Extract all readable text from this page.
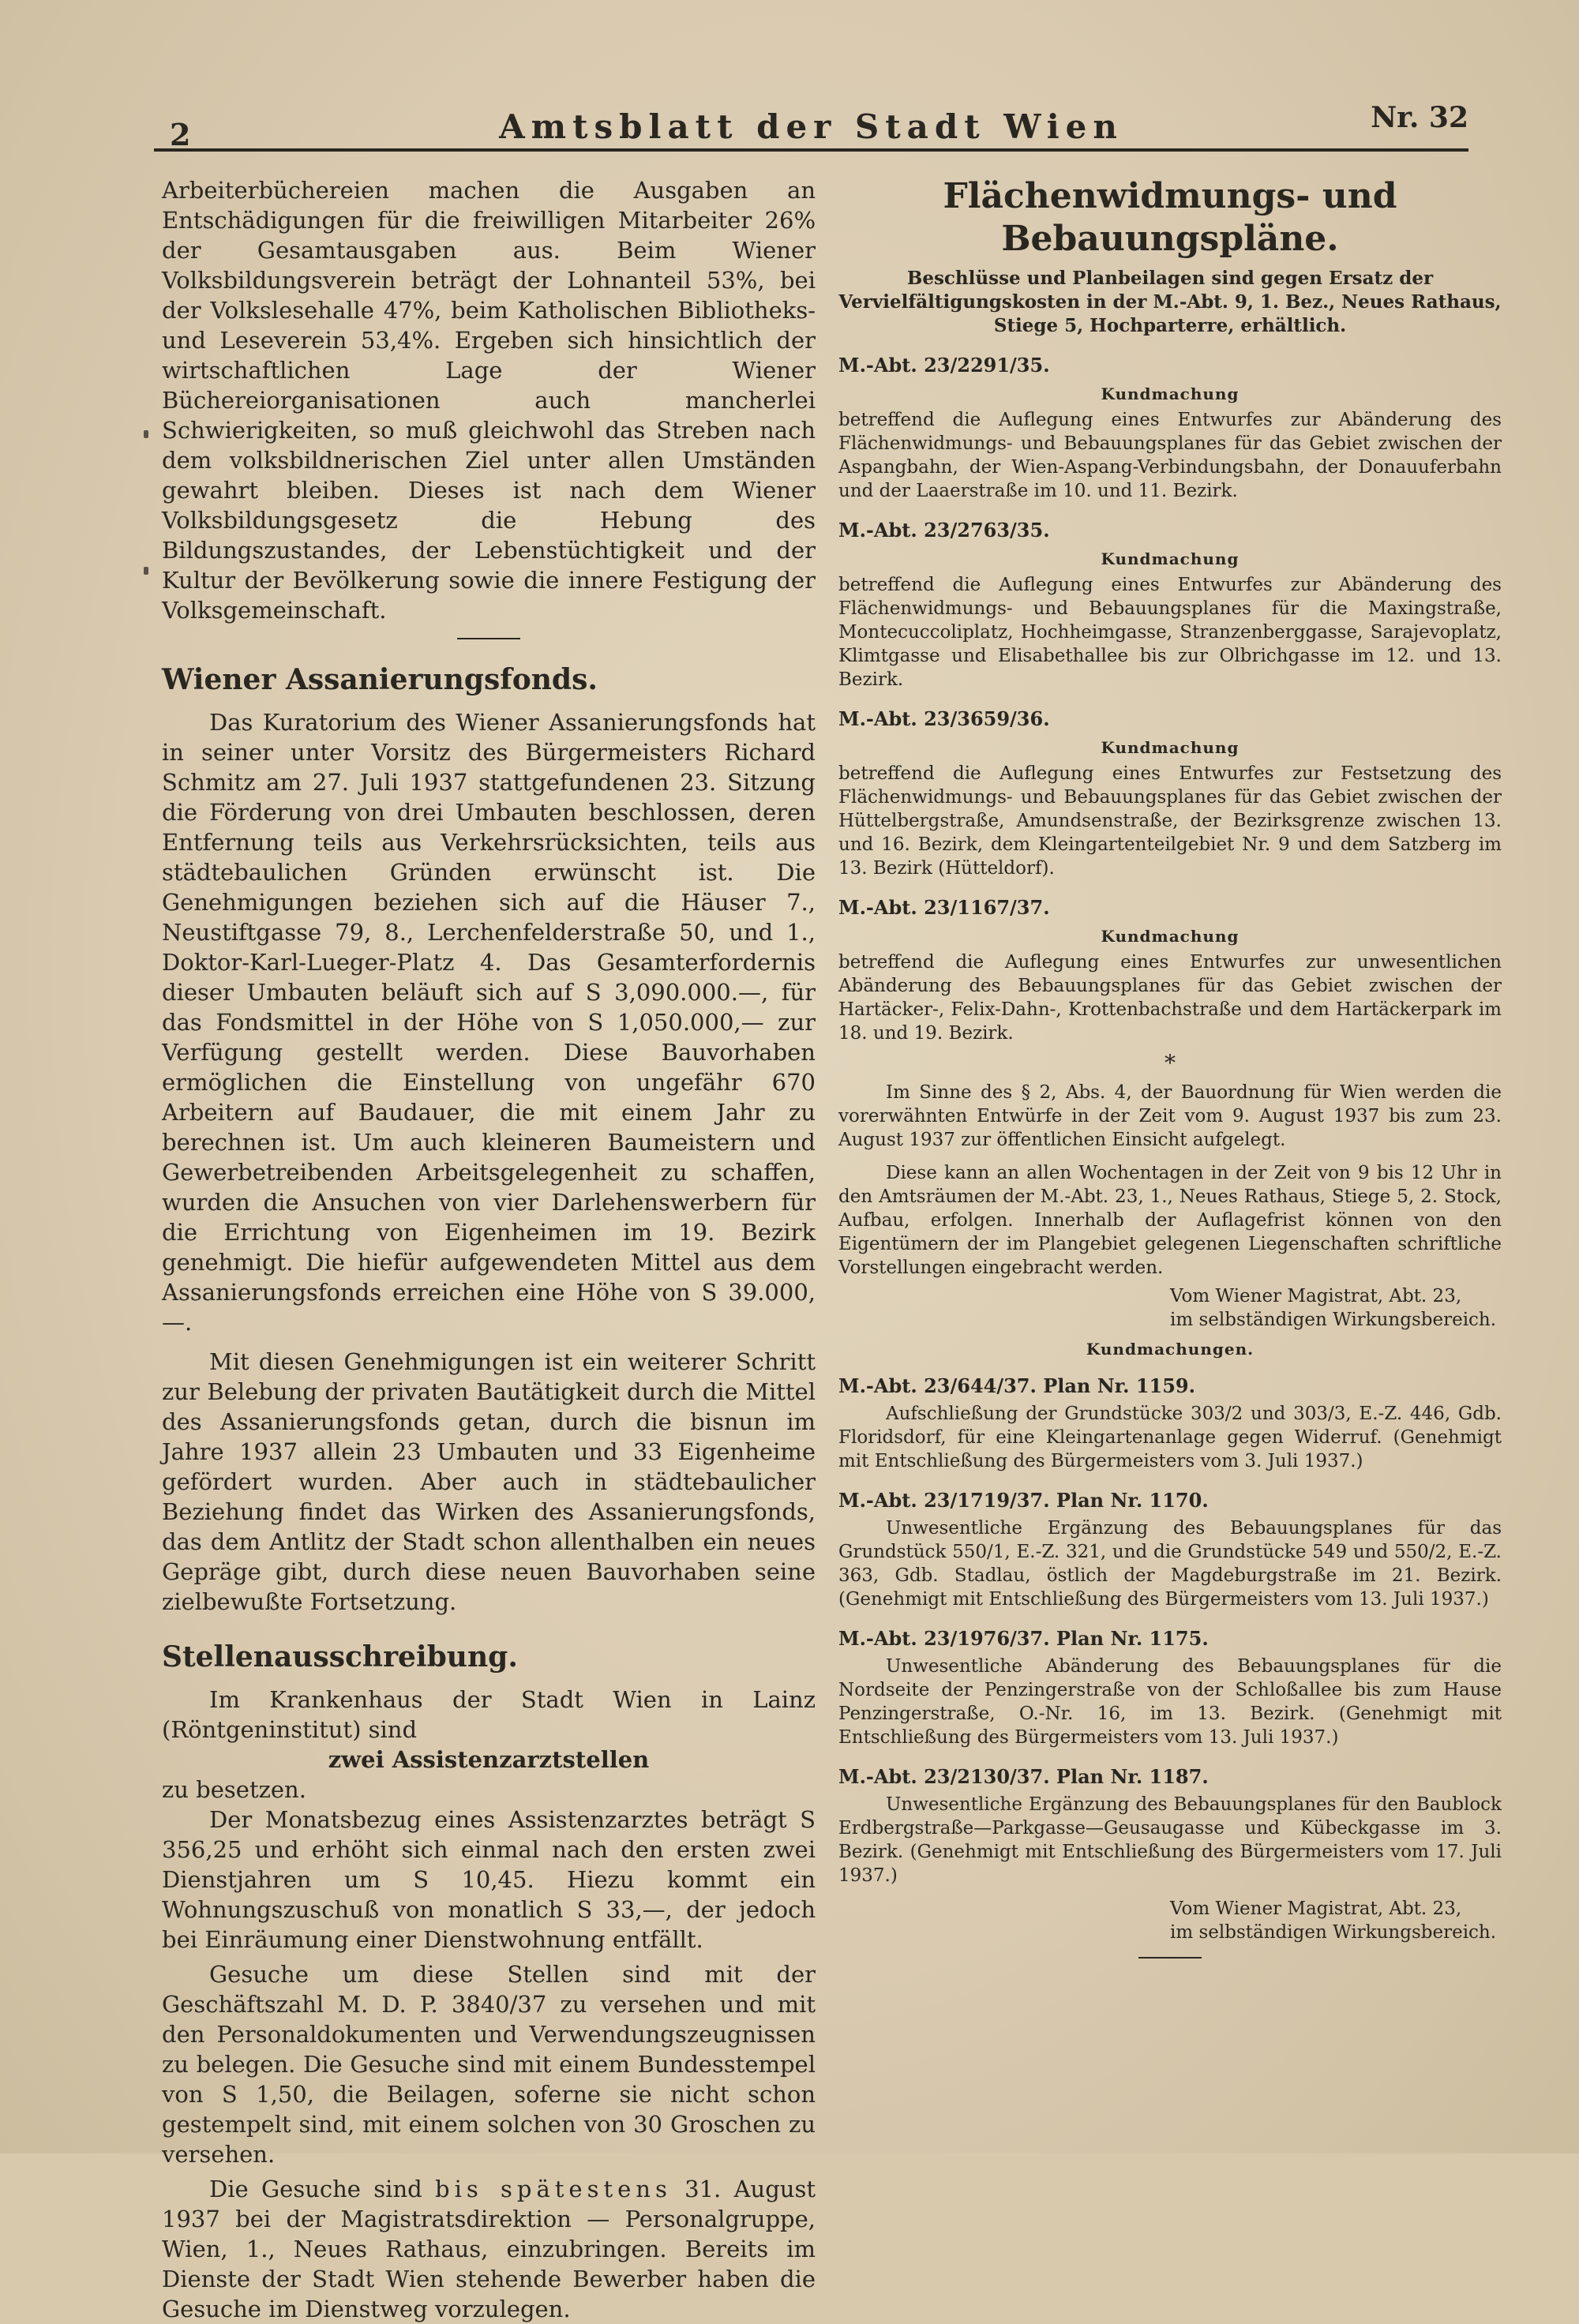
2	Amtsblatt der Stadt Wien	Nr. 32

Arbeiterbüchereien machen die Ausgaben an Entschädigungen für die freiwilligen Mitarbeiter 26% der Gesamtausgaben aus. Beim Wiener Volksbildungsverein beträgt der Lohnanteil 53%, bei der Volkslesehalle 47%, beim Katholischen Bibliotheks- und Leseverein 53,4%. Ergeben sich hinsichtlich der wirtschaftlichen Lage der Wiener Büchereiorganisationen auch mancherlei Schwierigkeiten, so muß gleichwohl das Streben nach dem volksbildnerischen Ziel unter allen Umständen gewahrt bleiben. Dieses ist nach dem Wiener Volksbildungsgesetz die Hebung des Bildungszustandes, der Lebenstüchtigkeit und der Kultur der Bevölkerung sowie die innere Festigung der Volksgemeinschaft.

Wiener Assanierungsfonds.

Das Kuratorium des Wiener Assanierungsfonds hat in seiner unter Vorsitz des Bürgermeisters Richard Schmitz am 27. Juli 1937 stattgefundenen 23. Sitzung die Förderung von drei Umbauten beschlossen, deren Entfernung teils aus Verkehrsrücksichten, teils aus städtebaulichen Gründen erwünscht ist. Die Genehmigungen beziehen sich auf die Häuser 7., Neustiftgasse 79, 8., Lerchenfelderstraße 50, und 1., Doktor-Karl-Lueger-Platz 4. Das Gesamterfordernis dieser Umbauten beläuft sich auf S 3,090.000.—, für das Fondsmittel in der Höhe von S 1,050.000,— zur Verfügung gestellt werden. Diese Bauvorhaben ermöglichen die Einstellung von ungefähr 670 Arbeitern auf Baudauer, die mit einem Jahr zu berechnen ist. Um auch kleineren Baumeistern und Gewerbetreibenden Arbeitsgelegenheit zu schaffen, wurden die Ansuchen von vier Darlehenswerbern für die Errichtung von Eigenheimen im 19. Bezirk genehmigt. Die hiefür aufgewendeten Mittel aus dem Assanierungsfonds erreichen eine Höhe von S 39.000,—.

Mit diesen Genehmigungen ist ein weiterer Schritt zur Belebung der privaten Bautätigkeit durch die Mittel des Assanierungsfonds getan, durch die bisnun im Jahre 1937 allein 23 Umbauten und 33 Eigenheime gefördert wurden. Aber auch in städtebaulicher Beziehung findet das Wirken des Assanierungsfonds, das dem Antlitz der Stadt schon allenthalben ein neues Gepräge gibt, durch diese neuen Bauvorhaben seine zielbewußte Fortsetzung.

Stellenausschreibung.

Im Krankenhaus der Stadt Wien in Lainz (Röntgeninstitut) sind

zwei Assistenzarztstellen

zu besetzen.

Der Monatsbezug eines Assistenzarztes beträgt S 356,25 und erhöht sich einmal nach den ersten zwei Dienstjahren um S 10,45. Hiezu kommt ein Wohnungszuschuß von monatlich S 33,—, der jedoch bei Einräumung einer Dienstwohnung entfällt.

Gesuche um diese Stellen sind mit der Geschäftszahl M. D. P. 3840/37 zu versehen und mit den Personaldokumenten und Verwendungszeugnissen zu belegen. Die Gesuche sind mit einem Bundesstempel von S 1,50, die Beilagen, soferne sie nicht schon gestempelt sind, mit einem solchen von 30 Groschen zu versehen.

Die Gesuche sind bis spätestens 31. August 1937 bei der Magistratsdirektion — Personalgruppe, Wien, 1., Neues Rathaus, einzubringen. Bereits im Dienste der Stadt Wien stehende Bewerber haben die Gesuche im Dienstweg vorzulegen.

Flächenwidmungs- und Bebauungspläne.

Beschlüsse und Planbeilagen sind gegen Ersatz der Vervielfältigungskosten in der M.-Abt. 9, 1. Bez., Neues Rathaus, Stiege 5, Hochparterre, erhältlich.

M.-Abt. 23/2291/35.
Kundmachung

betreffend die Auflegung eines Entwurfes zur Abänderung des Flächenwidmungs- und Bebauungsplanes für das Gebiet zwischen der Aspangbahn, der Wien-Aspang-Verbindungsbahn, der Donauuferbahn und der Laaerstraße im 10. und 11. Bezirk.

M.-Abt. 23/2763/35.
Kundmachung

betreffend die Auflegung eines Entwurfes zur Abänderung des Flächenwidmungs- und Bebauungsplanes für die Maxingstraße, Montecuccoliplatz, Hochheimgasse, Stranzenberggasse, Sarajevoplatz, Klimtgasse und Elisabethallee bis zur Olbrichgasse im 12. und 13. Bezirk.

M.-Abt. 23/3659/36.
Kundmachung

betreffend die Auflegung eines Entwurfes zur Festsetzung des Flächenwidmungs- und Bebauungsplanes für das Gebiet zwischen der Hüttelbergstraße, Amundsenstraße, der Bezirksgrenze zwischen 13. und 16. Bezirk, dem Kleingartenteilgebiet Nr. 9 und dem Satzberg im 13. Bezirk (Hütteldorf).

M.-Abt. 23/1167/37.
Kundmachung

betreffend die Auflegung eines Entwurfes zur unwesentlichen Abänderung des Bebauungsplanes für das Gebiet zwischen der Hartäcker-, Felix-Dahn-, Krottenbachstraße und dem Hartäckerpark im 18. und 19. Bezirk.

*

Im Sinne des § 2, Abs. 4, der Bauordnung für Wien werden die vorerwähnten Entwürfe in der Zeit vom 9. August 1937 bis zum 23. August 1937 zur öffentlichen Einsicht aufgelegt.

Diese kann an allen Wochentagen in der Zeit von 9 bis 12 Uhr in den Amtsräumen der M.-Abt. 23, 1., Neues Rathaus, Stiege 5, 2. Stock, Aufbau, erfolgen. Innerhalb der Auflagefrist können von den Eigentümern der im Plangebiet gelegenen Liegenschaften schriftliche Vorstellungen eingebracht werden.

Vom Wiener Magistrat, Abt. 23,
im selbständigen Wirkungsbereich.
Kundmachungen.
M.-Abt. 23/644/37. Plan Nr. 1159.

Aufschließung der Grundstücke 303/2 und 303/3, E.-Z. 446, Gdb. Floridsdorf, für eine Kleingartenanlage gegen Widerruf. (Genehmigt mit Entschließung des Bürgermeisters vom 3. Juli 1937.)

M.-Abt. 23/1719/37. Plan Nr. 1170.

Unwesentliche Ergänzung des Bebauungsplanes für das Grundstück 550/1, E.-Z. 321, und die Grundstücke 549 und 550/2, E.-Z. 363, Gdb. Stadlau, östlich der Magdeburgstraße im 21. Bezirk. (Genehmigt mit Entschließung des Bürgermeisters vom 13. Juli 1937.)

M.-Abt. 23/1976/37. Plan Nr. 1175.

Unwesentliche Abänderung des Bebauungsplanes für die Nordseite der Penzingerstraße von der Schloßallee bis zum Hause Penzingerstraße, O.-Nr. 16, im 13. Bezirk. (Genehmigt mit Entschließung des Bürgermeisters vom 13. Juli 1937.)

M.-Abt. 23/2130/37. Plan Nr. 1187.

Unwesentliche Ergänzung des Bebauungsplanes für den Baublock Erdbergstraße—Parkgasse—Geusaugasse und Kübeckgasse im 3. Bezirk. (Genehmigt mit Entschließung des Bürgermeisters vom 17. Juli 1937.)

Vom Wiener Magistrat, Abt. 23,
im selbständigen Wirkungsbereich.
